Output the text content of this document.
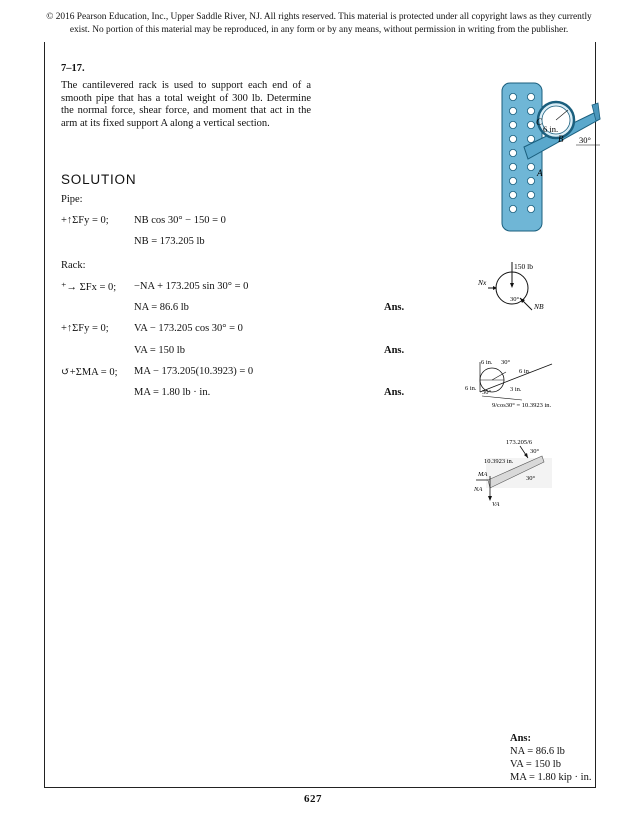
© 2016 Pearson Education, Inc., Upper Saddle River, NJ. All rights reserved. This material is protected under all copyright laws as they currently
exist. No portion of this material may be reproduced, in any form or by any means, without permission in writing from the publisher.
7–17.
The cantilevered rack is used to support each end of a smooth pipe that has a total weight of 300 lb. Determine the normal force, shear force, and moment that act in the arm at its fixed support A along a vertical section.	C
6 in.
B 30°
A
SOLUTION
Pipe:
+↑ΣFy = 0; NB cos 30° − 150 = 0
NB = 173.205 lb
Rack:
⁺→ ΣFx = 0; −NA + 173.205 sin 30° = 0
NA = 86.6 lb	Ans.
+↑ΣFy = 0; VA − 173.205 cos 30° = 0
VA = 150 lb	Ans.
↺+ΣMA = 0; MA − 173.205(10.3923) = 0
MA = 1.80 lb · in.	Ans.
150 lb
Nx
NB
30°
6 in. 30°
6 in.
6 in.
30°	3 in.
9/cos30° = 10.3923 in.
173.205/6
30°
10.3923 in.
MA
NA
VA
30°
Ans:
NA = 86.6 lb
VA = 150 lb
MA = 1.80 kip · in.
627
